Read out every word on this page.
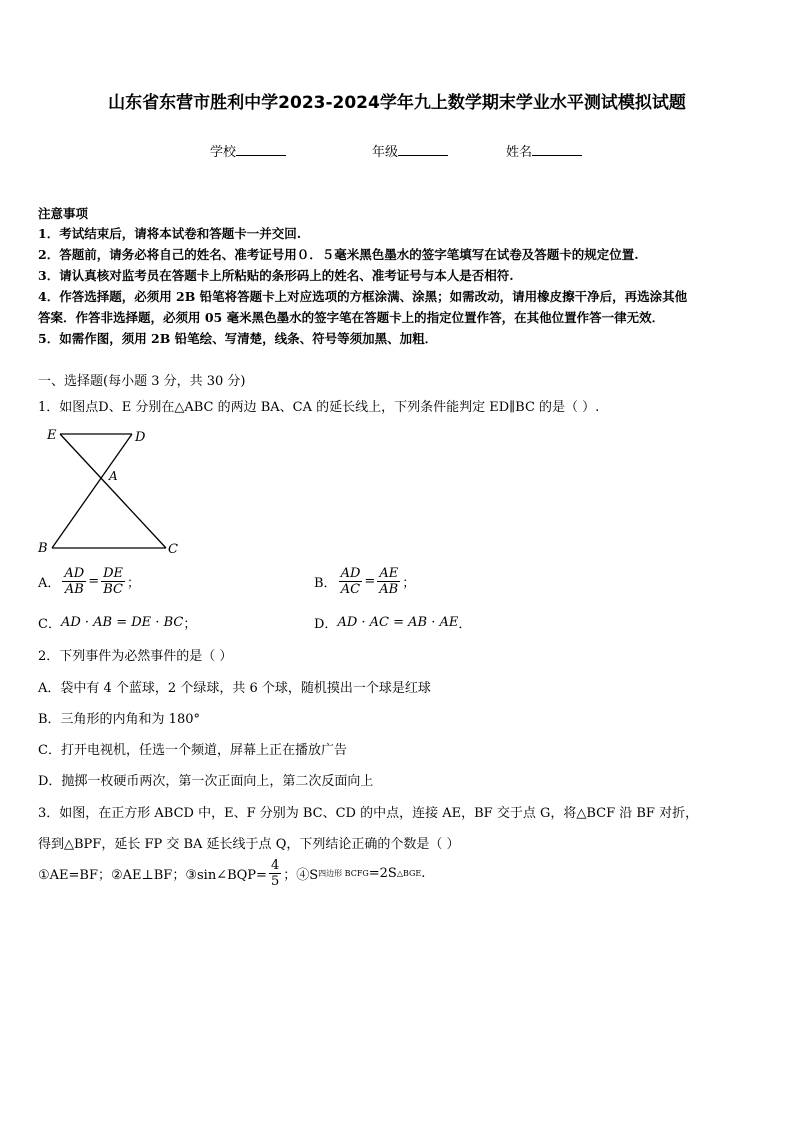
山东省东营市胜利中学2023-2024学年九上数学期末学业水平测试模拟试题
学校	年级	姓名
注意事项
1．考试结束后，请将本试卷和答题卡一并交回.
2．答题前，请务必将自己的姓名、准考证号用０．５毫米黑色墨水的签字笔填写在试卷及答题卡的规定位置.
3．请认真核对监考员在答题卡上所粘贴的条形码上的姓名、准考证号与本人是否相符.
4．作答选择题，必须用 2B 铅笔将答题卡上对应选项的方框涂满、涂黑；如需改动，请用橡皮擦干净后，再选涂其他
答案．作答非选择题，必须用 05 毫米黑色墨水的签字笔在答题卡上的指定位置作答，在其他位置作答一律无效．
5．如需作图，须用 2B 铅笔绘、写清楚，线条、符号等须加黑、加粗．
一、选择题(每小题 3 分，共 30 分)
1．如图点D、E 分别在△ABC 的两边 BA、CA 的延长线上，下列条件能判定 ED∥BC 的是（ ）.
E	D
A
B	C
A． $\frac{AD}{AB} = \frac{DE}{BC}$ ；	B． $\frac{AD}{AC} = \frac{AE}{AB}$ ；
C． AD · AB = DE · BC ；	D． AD · AC = AB · AE ．
2．下列事件为必然事件的是（ ）
A．袋中有 4 个蓝球，2 个绿球，共 6 个球，随机摸出一个球是红球
B．三角形的内角和为 180°
C．打开电视机，任选一个频道，屏幕上正在播放广告
D．抛掷一枚硬币两次，第一次正面向上，第二次反面向上
3．如图，在正方形 ABCD 中，E、F 分别为 BC、CD 的中点，连接 AE，BF 交于点 G，将△BCF 沿 BF 对折，
得到△BPF，延长 FP 交 BA 延长线于点 Q，下列结论正确的个数是（ ）
①AE=BF；②AE⊥BF；③sin∠BQP= $\frac{4}{5}$ ；④S 四边形 BCFG =2S △BGE .
